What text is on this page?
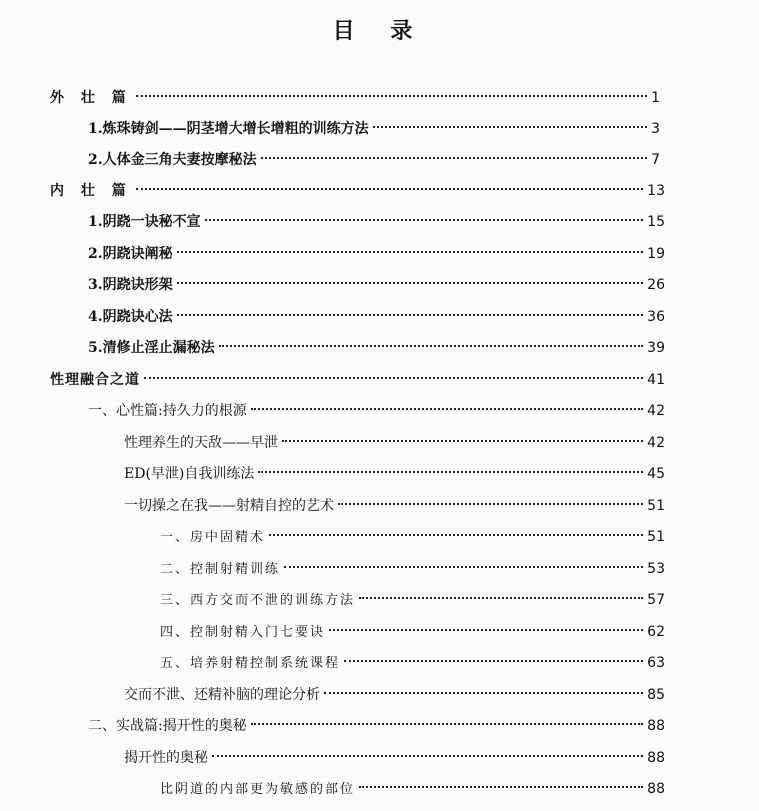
目 录
外 壮 篇	1
1.炼珠铸剑——阴茎增大增长增粗的训练方法	3
2.人体金三角夫妻按摩秘法	7
内 壮 篇	13
1.阴跷一诀秘不宣	15
2.阴跷诀阐秘	19
3.阴跷诀形架	26
4.阴跷诀心法	36
5.清修止淫止漏秘法	39
性理融合之道	41
一、心性篇:持久力的根源	42
性理养生的天敌——早泄	42
ED(早泄)自我训练法	45
一切操之在我——射精自控的艺术	51
一、房中固精术	51
二、控制射精训练	53
三、西方交而不泄的训练方法	57
四、控制射精入门七要诀	62
五、培养射精控制系统课程	63
交而不泄、还精补脑的理论分析	85
二、实战篇:揭开性的奥秘	88
揭开性的奥秘	88
比阴道的内部更为敏感的部位	88
